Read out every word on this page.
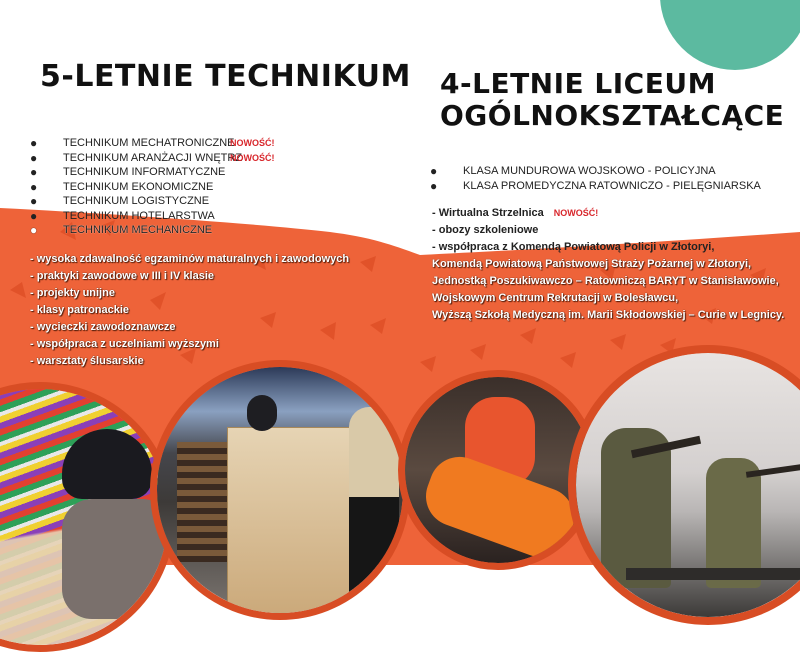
5-LETNIE TECHNIKUM 4-LETNIE LICEUM
OGÓLNOKSZTAŁCĄCE
● TECHNIKUM MECHATRONICZNE
NOWOŚĆ!
● TECHNIKUM ARANŻACJI WNĘTRZ
NOWOŚĆ!
● TECHNIKUM INFORMATYCZNE
● TECHNIKUM EKONOMICZNE
● TECHNIKUM LOGISTYCZNE
● TECHNIKUM HOTELARSTWA
● TECHNIKUM MECHANICZNE
● KLASA MUNDUROWA WOJSKOWO - POLICYJNA
● KLASA PROMEDYCZNA RATOWNICZO - PIELĘGNIARSKA
- wysoka zdawalność egzaminów maturalnych i zawodowych
- praktyki zawodowe w III i IV klasie
- projekty unijne
- klasy patronackie
- wycieczki zawodoznawcze
- współpraca z uczelniami wyższymi
- warsztaty ślusarskie
- Wirtualna Strzelnica NOWOŚĆ!
- obozy szkoleniowe
- współpraca z Komendą Powiatową Policji w Złotoryi,
Komendą Powiatową Państwowej Straży Pożarnej w Złotoryi,
Jednostką Poszukiwawczo – Ratowniczą BARYT w Stanisławowie,
Wojskowym Centrum Rekrutacji w Bolesławcu,
Wyższą Szkołą Medyczną im. Marii Skłodowskiej – Curie w Legnicy.
